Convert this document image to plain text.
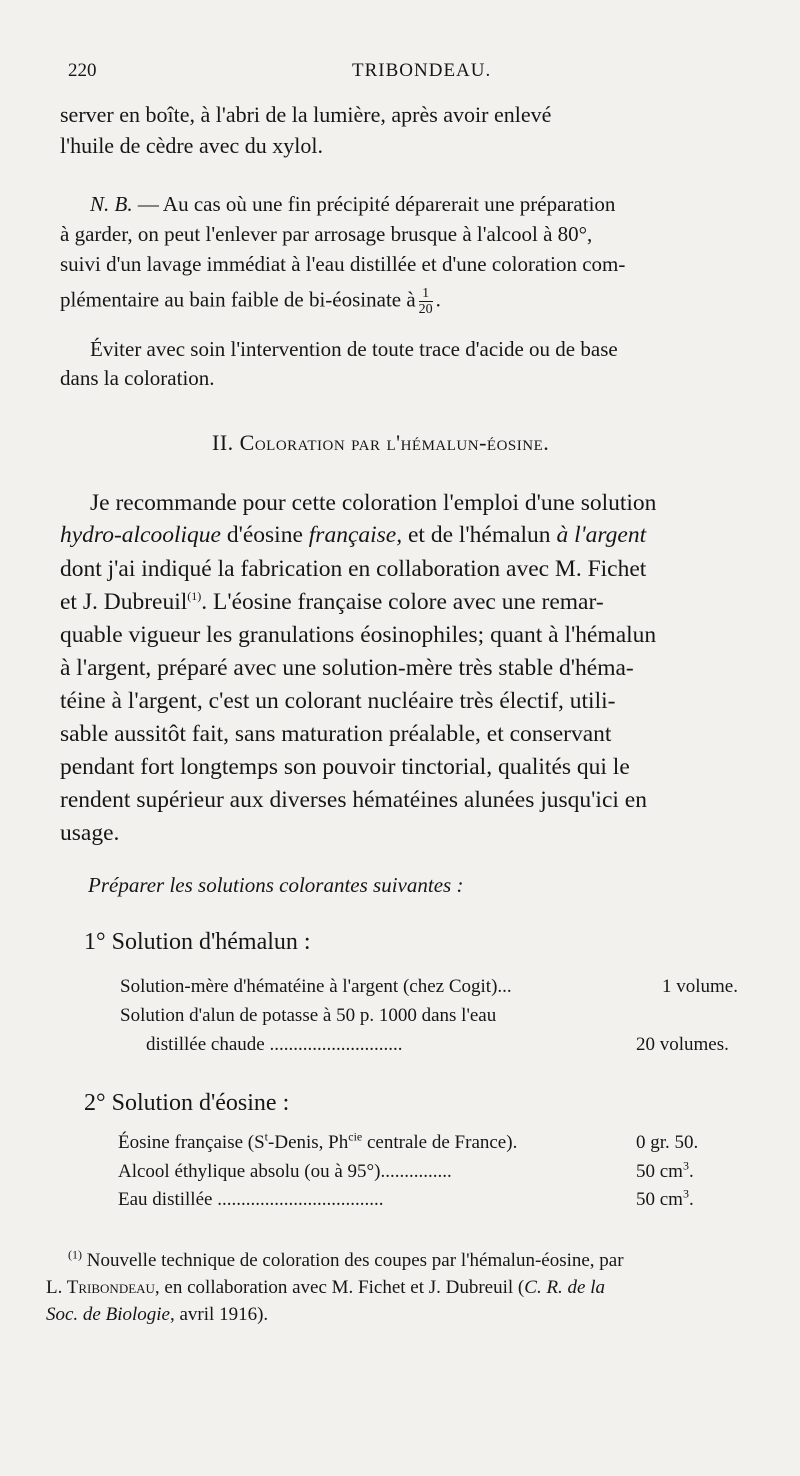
220	TRIBONDEAU.
server en boîte, à l'abri de la lumière, après avoir enlevé
l'huile de cèdre avec du xylol.
N. B. — Au cas où une fin précipité déparerait une préparation
à garder, on peut l'enlever par arrosage brusque à l'alcool à 80°,
suivi d'un lavage immédiat à l'eau distillée et d'une coloration com-
plémentaire au bain faible de bi-éosinate à $\frac{1}{20}$ .
Éviter avec soin l'intervention de toute trace d'acide ou de base
dans la coloration.
II. Coloration par l'hémalun-éosine.
Je recommande pour cette coloration l'emploi d'une solution
hydro-alcoolique d'éosine française, et de l'hémalun à l'argent
dont j'ai indiqué la fabrication en collaboration avec M. Fichet
et J. Dubreuil$^{(1)}$. L'éosine française colore avec une remar-
quable vigueur les granulations éosinophiles; quant à l'hémalun
à l'argent, préparé avec une solution-mère très stable d'héma-
téine à l'argent, c'est un colorant nucléaire très électif, utili-
sable aussitôt fait, sans maturation préalable, et conservant
pendant fort longtemps son pouvoir tinctorial, qualités qui le
rendent supérieur aux diverses hématéines alunées jusqu'ici en
usage.
Préparer les solutions colorantes suivantes :
1° Solution d'hémalun :
Solution-mère d'hématéine à l'argent (chez Cogit)...	1 volume.
Solution d'alun de potasse à 50 p. 1000 dans l'eau
distillée chaude ............................	20 volumes.
2° Solution d'éosine :
Éosine française ($S^t$-Denis, $Ph^{cie}$ centrale de France).	0 gr. 50.
Alcool éthylique absolu (ou à 95°)...............	50 $cm^3$.
Eau distillée ...................................	50 $cm^3$.
$^{(1)}$ Nouvelle technique de coloration des coupes par l'hémalun-éosine, par
L. Tribondeau, en collaboration avec M. Fichet et J. Dubreuil (C. R. de la
Soc. de Biologie, avril 1916).
